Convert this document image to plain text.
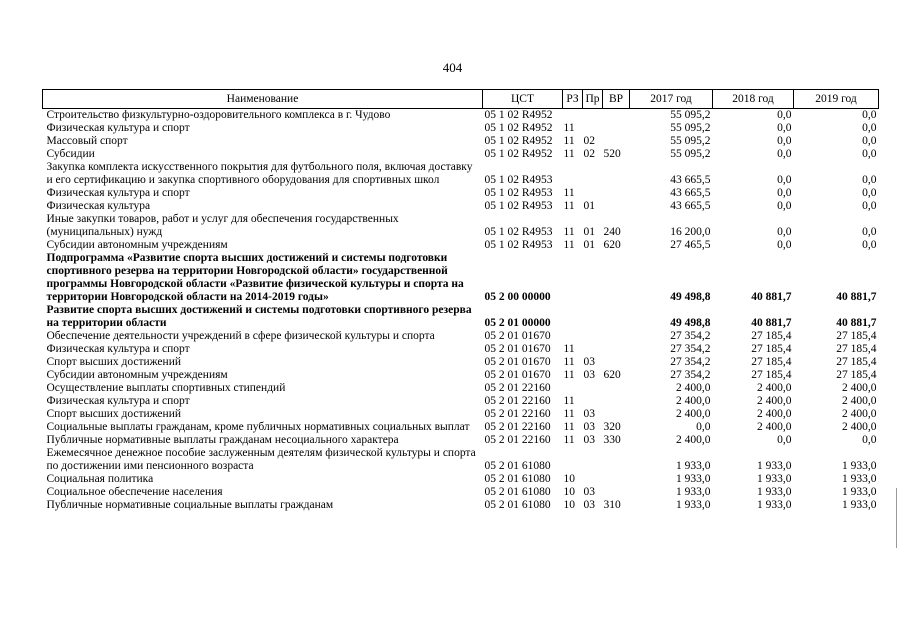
404
Наименование	ЦСТ	РЗ	Пр	ВР	2017 год	2018 год	2019 год
Строительство физкультурно-оздоровительного комплекса в г. Чудово	05 1 02 R4952				55 095,2	0,0	0,0
Физическая культура и спорт	05 1 02 R4952	11			55 095,2	0,0	0,0
Массовый спорт	05 1 02 R4952	11	02		55 095,2	0,0	0,0
Субсидии	05 1 02 R4952	11	02	520	55 095,2	0,0	0,0
Закупка комплекта искусственного покрытия для футбольного поля, включая доставку и его сертификацию и закупка спортивного оборудования для спортивных школ	05 1 02 R4953				43 665,5	0,0	0,0
Физическая культура и спорт	05 1 02 R4953	11			43 665,5	0,0	0,0
Физическая культура	05 1 02 R4953	11	01		43 665,5	0,0	0,0
Иные закупки товаров, работ и услуг для обеспечения государственных (муниципальных) нужд	05 1 02 R4953	11	01	240	16 200,0	0,0	0,0
Субсидии автономным учреждениям	05 1 02 R4953	11	01	620	27 465,5	0,0	0,0
Подпрограмма «Развитие спорта высших достижений и системы подготовки спортивного резерва на территории Новгородской области» государственной программы Новгородской области «Развитие физической культуры и спорта на территории Новгородской области на 2014-2019 годы»	05 2 00 00000				49 498,8	40 881,7	40 881,7
Развитие спорта высших достижений и системы подготовки спортивного резерва на территории области	05 2 01 00000				49 498,8	40 881,7	40 881,7
Обеспечение деятельности учреждений в сфере физической культуры и спорта	05 2 01 01670				27 354,2	27 185,4	27 185,4
Физическая культура и спорт	05 2 01 01670	11			27 354,2	27 185,4	27 185,4
Спорт высших достижений	05 2 01 01670	11	03		27 354,2	27 185,4	27 185,4
Субсидии автономным учреждениям	05 2 01 01670	11	03	620	27 354,2	27 185,4	27 185,4
Осуществление выплаты спортивных стипендий	05 2 01 22160				2 400,0	2 400,0	2 400,0
Физическая культура и спорт	05 2 01 22160	11			2 400,0	2 400,0	2 400,0
Спорт высших достижений	05 2 01 22160	11	03		2 400,0	2 400,0	2 400,0
Социальные выплаты гражданам, кроме публичных нормативных социальных выплат	05 2 01 22160	11	03	320	0,0	2 400,0	2 400,0
Публичные нормативные выплаты гражданам несоциального характера	05 2 01 22160	11	03	330	2 400,0	0,0	0,0
Ежемесячное денежное пособие заслуженным деятелям физической культуры и спорта по достижении ими пенсионного возраста	05 2 01 61080				1 933,0	1 933,0	1 933,0
Социальная политика	05 2 01 61080	10			1 933,0	1 933,0	1 933,0
Социальное обеспечение населения	05 2 01 61080	10	03		1 933,0	1 933,0	1 933,0
Публичные нормативные социальные выплаты гражданам	05 2 01 61080	10	03	310	1 933,0	1 933,0	1 933,0
